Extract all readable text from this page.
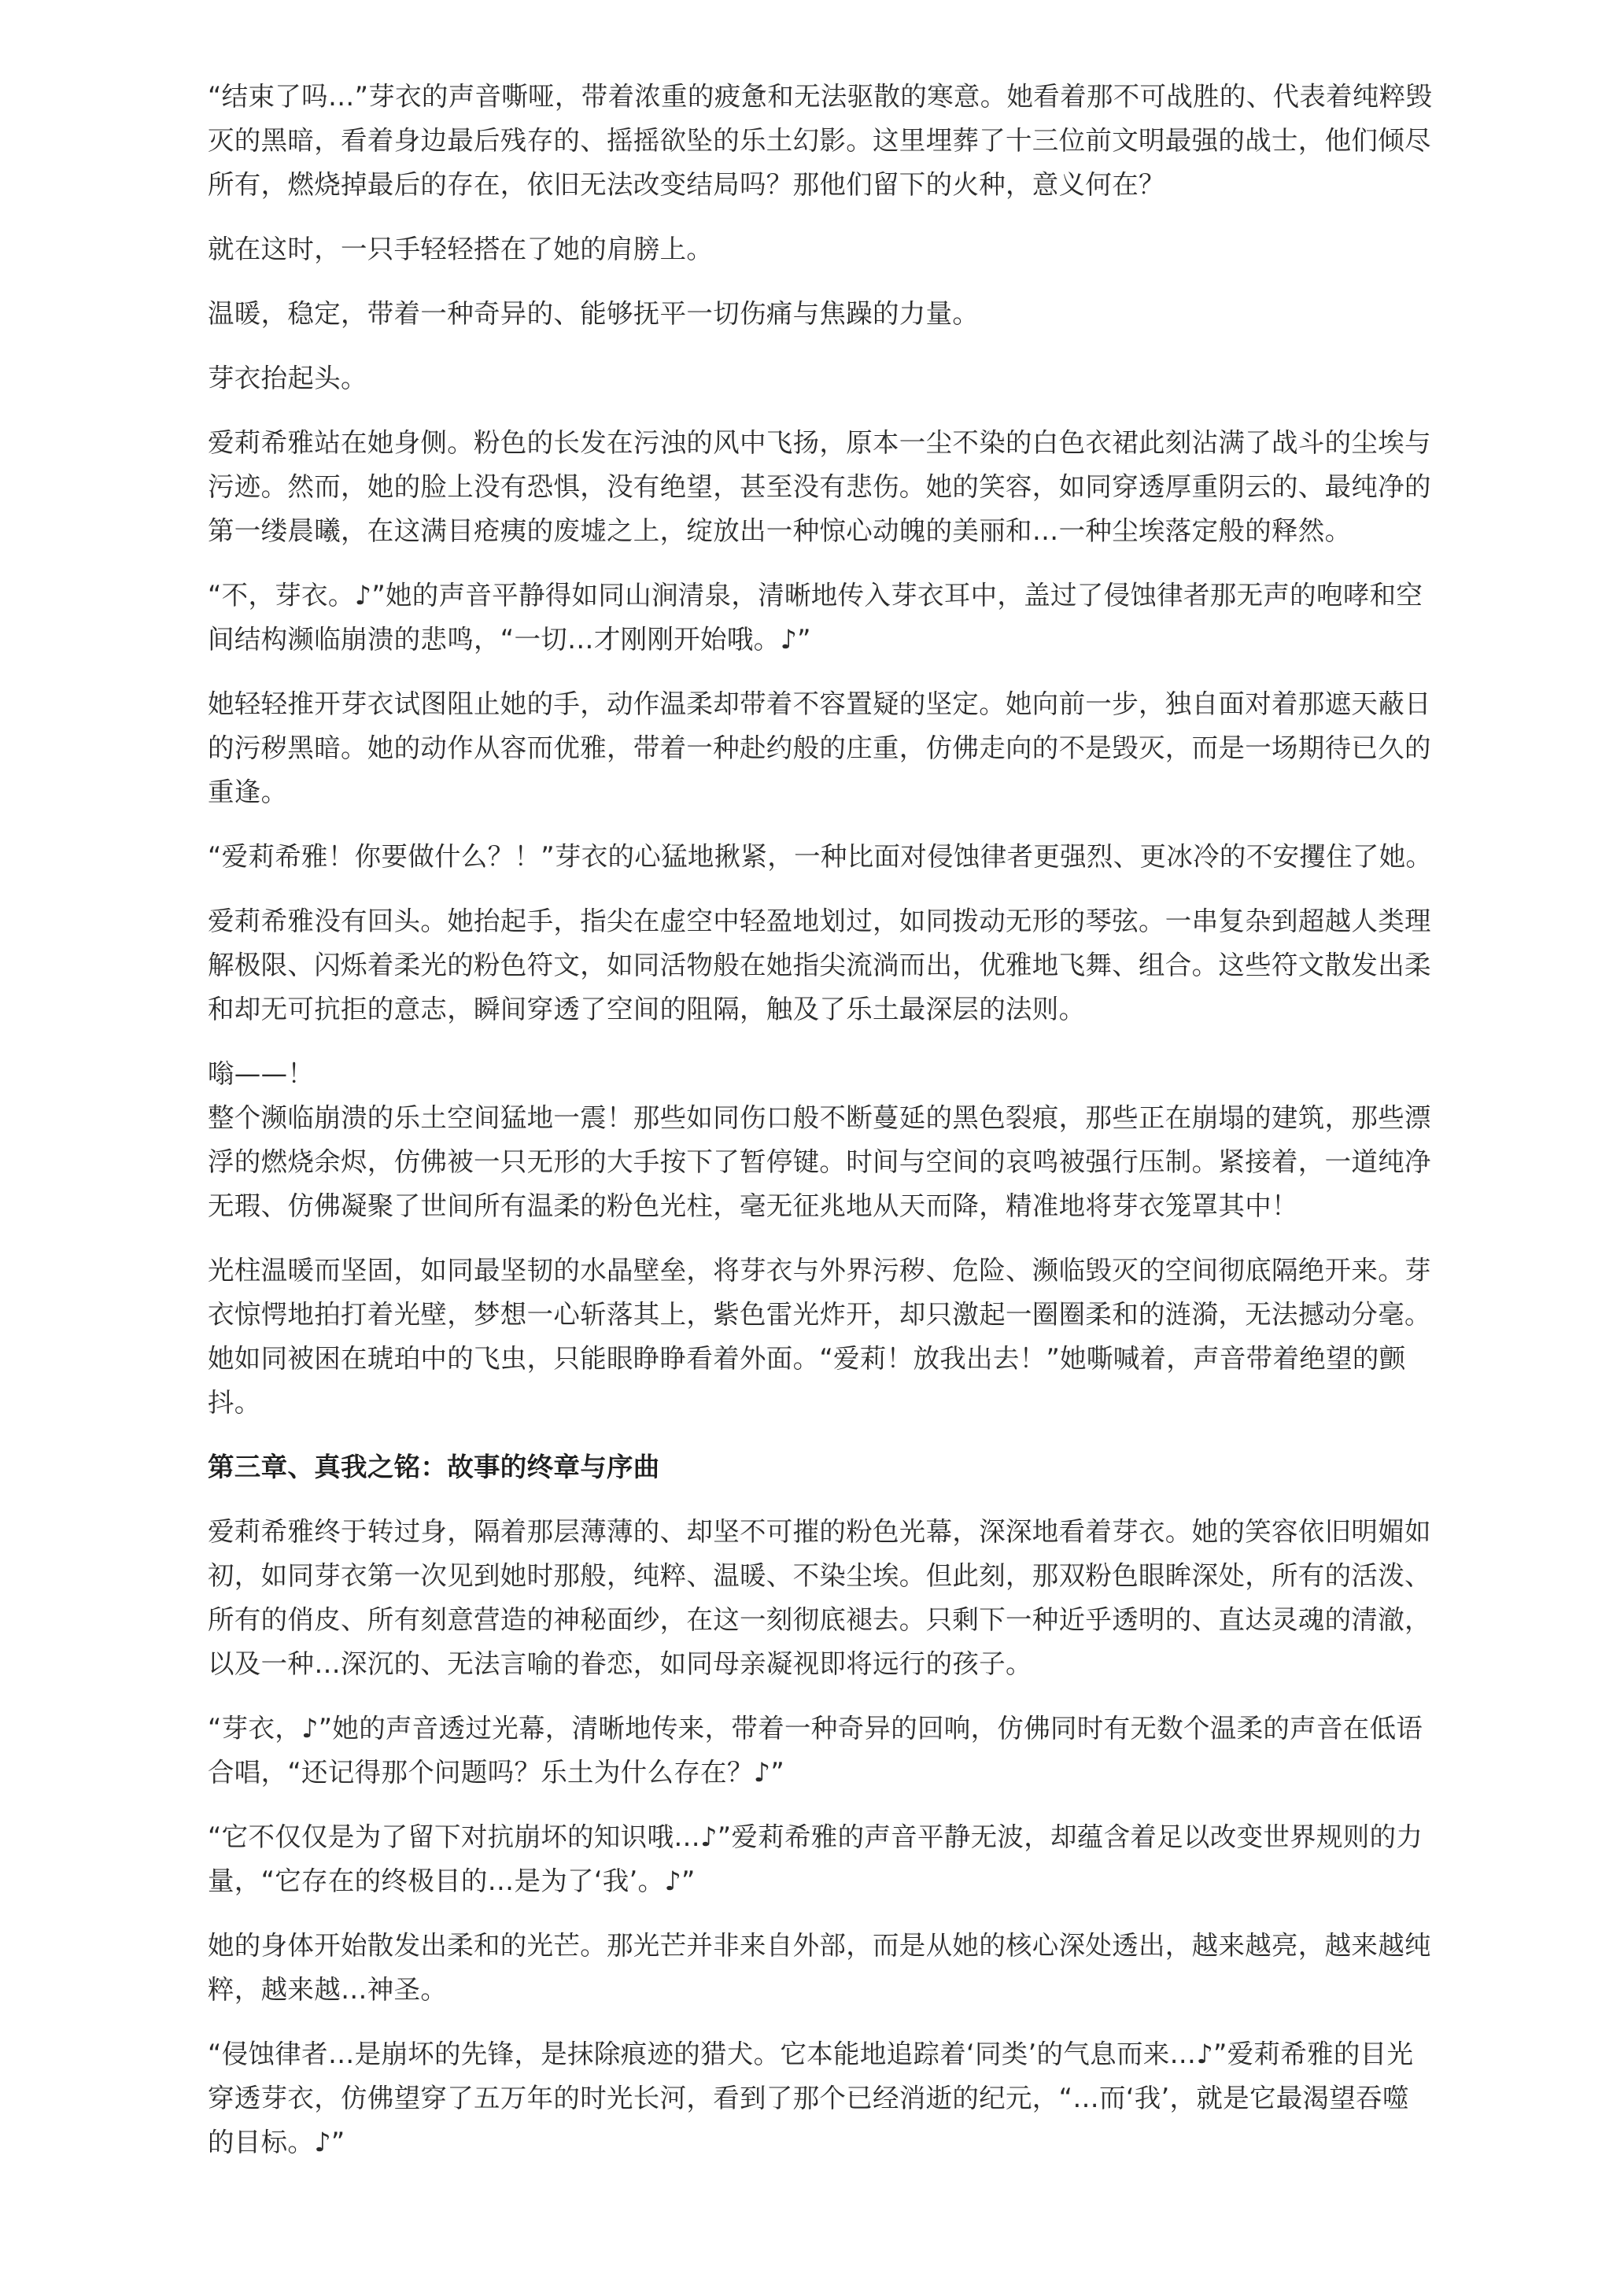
“结束了吗…”芽衣的声音嘶哑，带着浓重的疲惫和无法驱散的寒意。她看着那不可战胜的、代表着纯粹毁灭的黑暗，看着身边最后残存的、摇摇欲坠的乐土幻影。这里埋葬了十三位前文明最强的战士，他们倾尽所有，燃烧掉最后的存在，依旧无法改变结局吗？那他们留下的火种，意义何在？

就在这时，一只手轻轻搭在了她的肩膀上。

温暖，稳定，带着一种奇异的、能够抚平一切伤痛与焦躁的力量。

芽衣抬起头。

爱莉希雅站在她身侧。粉色的长发在污浊的风中飞扬，原本一尘不染的白色衣裙此刻沾满了战斗的尘埃与污迹。然而，她的脸上没有恐惧，没有绝望，甚至没有悲伤。她的笑容，如同穿透厚重阴云的、最纯净的第一缕晨曦，在这满目疮痍的废墟之上，绽放出一种惊心动魄的美丽和…一种尘埃落定般的释然。

“不，芽衣。♪”她的声音平静得如同山涧清泉，清晰地传入芽衣耳中，盖过了侵蚀律者那无声的咆哮和空间结构濒临崩溃的悲鸣，“一切…才刚刚开始哦。♪”

她轻轻推开芽衣试图阻止她的手，动作温柔却带着不容置疑的坚定。她向前一步，独自面对着那遮天蔽日的污秽黑暗。她的动作从容而优雅，带着一种赴约般的庄重，仿佛走向的不是毁灭，而是一场期待已久的重逢。

“爱莉希雅！你要做什么？！”芽衣的心猛地揪紧，一种比面对侵蚀律者更强烈、更冰冷的不安攫住了她。

爱莉希雅没有回头。她抬起手，指尖在虚空中轻盈地划过，如同拨动无形的琴弦。一串复杂到超越人类理解极限、闪烁着柔光的粉色符文，如同活物般在她指尖流淌而出，优雅地飞舞、组合。这些符文散发出柔和却无可抗拒的意志，瞬间穿透了空间的阻隔，触及了乐土最深层的法则。

嗡——！

整个濒临崩溃的乐土空间猛地一震！那些如同伤口般不断蔓延的黑色裂痕，那些正在崩塌的建筑，那些漂浮的燃烧余烬，仿佛被一只无形的大手按下了暂停键。时间与空间的哀鸣被强行压制。紧接着，一道纯净无瑕、仿佛凝聚了世间所有温柔的粉色光柱，毫无征兆地从天而降，精准地将芽衣笼罩其中！

光柱温暖而坚固，如同最坚韧的水晶壁垒，将芽衣与外界污秽、危险、濒临毁灭的空间彻底隔绝开来。芽衣惊愕地拍打着光壁，梦想一心斩落其上，紫色雷光炸开，却只激起一圈圈柔和的涟漪，无法撼动分毫。她如同被困在琥珀中的飞虫，只能眼睁睁看着外面。“爱莉！放我出去！”她嘶喊着，声音带着绝望的颤抖。

第三章、真我之铭：故事的终章与序曲

爱莉希雅终于转过身，隔着那层薄薄的、却坚不可摧的粉色光幕，深深地看着芽衣。她的笑容依旧明媚如初，如同芽衣第一次见到她时那般，纯粹、温暖、不染尘埃。但此刻，那双粉色眼眸深处，所有的活泼、所有的俏皮、所有刻意营造的神秘面纱，在这一刻彻底褪去。只剩下一种近乎透明的、直达灵魂的清澈，以及一种…深沉的、无法言喻的眷恋，如同母亲凝视即将远行的孩子。

“芽衣，♪”她的声音透过光幕，清晰地传来，带着一种奇异的回响，仿佛同时有无数个温柔的声音在低语合唱，“还记得那个问题吗？乐土为什么存在？♪”

“它不仅仅是为了留下对抗崩坏的知识哦…♪”爱莉希雅的声音平静无波，却蕴含着足以改变世界规则的力量，“它存在的终极目的…是为了‘我’。♪”

她的身体开始散发出柔和的光芒。那光芒并非来自外部，而是从她的核心深处透出，越来越亮，越来越纯粹，越来越…神圣。

“侵蚀律者…是崩坏的先锋，是抹除痕迹的猎犬。它本能地追踪着‘同类’的气息而来…♪”爱莉希雅的目光穿透芽衣，仿佛望穿了五万年的时光长河，看到了那个已经消逝的纪元，“…而‘我’，就是它最渴望吞噬的目标。♪”
